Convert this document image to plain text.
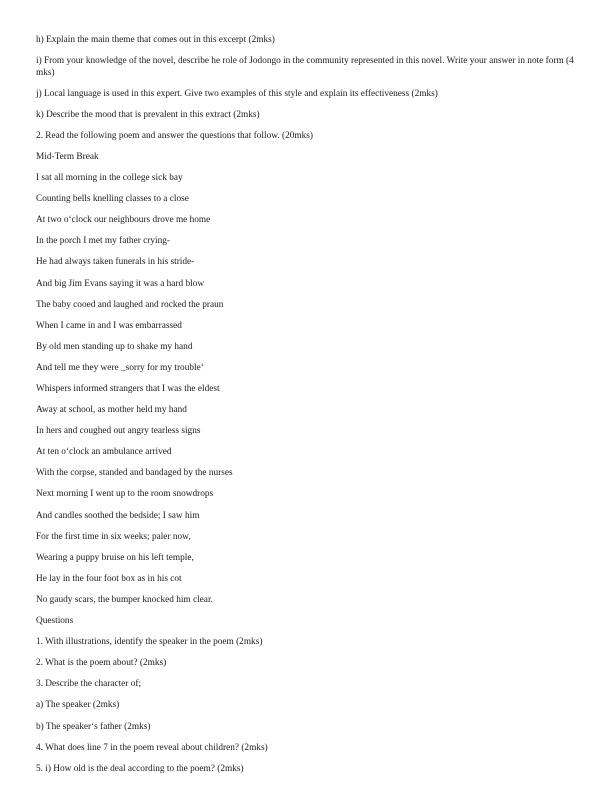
h) Explain the main theme that comes out in this excerpt (2mks)

i) From your knowledge of the novel, describe he role of Jodongo in the community represented in this novel. Write your answer in note form (4 mks)

j) Local language is used in this expert. Give two examples of this style and explain its effectiveness (2mks)

k) Describe the mood that is prevalent in this extract (2mks)

2. Read the following poem and answer the questions that follow. (20mks)

Mid-Term Break

I sat all morning in the college sick bay

Counting bells knelling classes to a close

At two o‘clock our neighbours drove me home

In the porch I met my father crying-

He had always taken funerals in his stride-

And big Jim Evans saying it was a hard blow

The baby cooed and laughed and rocked the praun

When I came in and I was embarrassed

By old men standing up to shake my hand

And tell me they were _sorry for my trouble‘

Whispers informed strangers that I was the eldest

Away at school, as mother held my hand

In hers and coughed out angry tearless signs

At ten o‘clock an ambulance arrived

With the corpse, standed and bandaged by the nurses

Next morning I went up to the room snowdrops

And candles soothed the bedside; I saw him

For the first time in six weeks; paler now,

Wearing a puppy bruise on his left temple,

He lay in the four foot box as in his cot

No gaudy scars, the bumper knocked him clear.

Questions

1. With illustrations, identify the speaker in the poem (2mks)

2. What is the poem about? (2mks)

3. Describe the character of;

a) The speaker (2mks)

b) The speaker‘s father (2mks)

4. What does line 7 in the poem reveal about children? (2mks)

5. i) How old is the deal according to the poem? (2mks)
